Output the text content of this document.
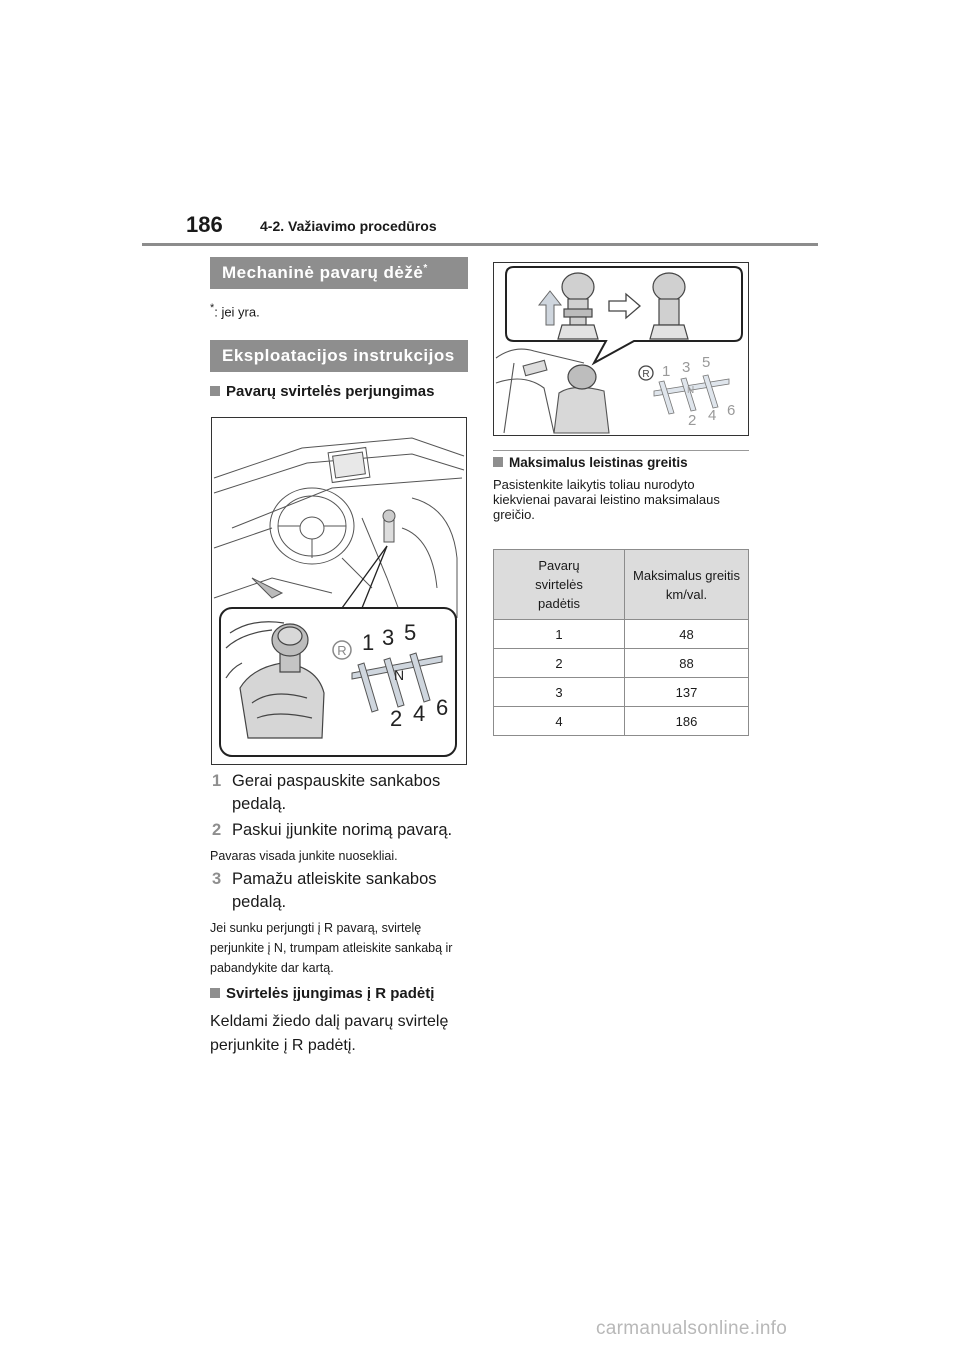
186	4-2. Važiavimo procedūros
Mechaninė pavarų dėžė*
*: jei yra.
Eksploatacijos instrukcijos
Pavarų svirtelės perjungimas
R 1 3 5
N
2 4 6
1 Gerai paspauskite sankabos pedalą.
2 Paskui įjunkite norimą pavarą.
Pavaras visada junkite nuosekliai.
3 Pamažu atleiskite sankabos pedalą.
Jei sunku perjungti į R pavarą, svirtelę perjunkite į N, trumpam atleiskite sankabą ir pabandykite dar kartą.
Svirtelės įjungimas į R padėtį
Keldami žiedo dalį pavarų svirtelę perjunkite į R padėtį.
R 1 3 5
N
2 4 6
Maksimalus leistinas greitis
Pasistenkite laikytis toliau nurodyto kiekvienai pavarai leistino maksimalaus greičio.
Pavarų svirtelės padėtis	Maksimalus greitis
km/val.

1	48
2	88
3	137
4	186
carmanualsonline.info
